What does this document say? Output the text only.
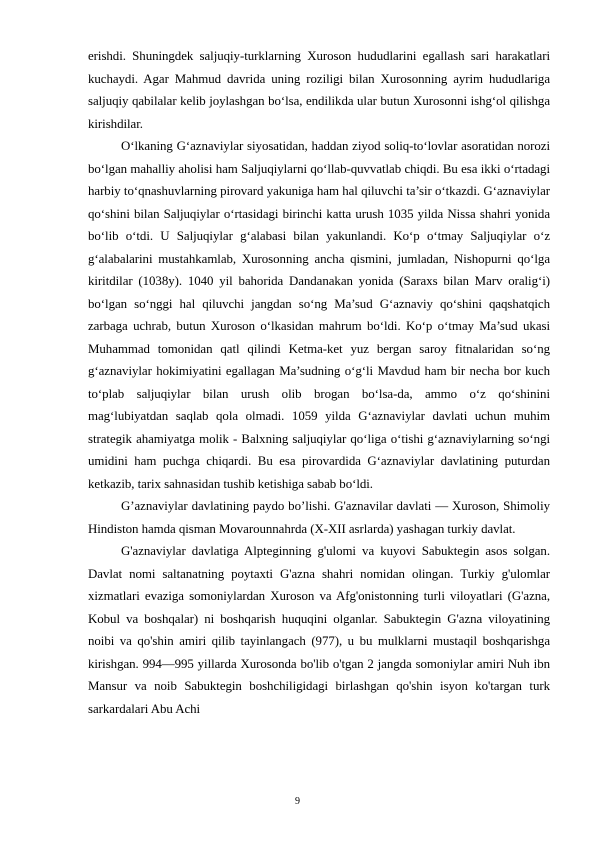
erishdi. Shuningdek saljuqiy-turklarning Xuroson hududlarini egallash sari harakatlari kuchaydi. Agar Mahmud davrida uning roziligi bilan Xurosonning ayrim hududlariga saljuqiy qabilalar kelib joylashgan bo‘lsa, endilikda ular butun Xurosonni ishg‘ol qilishga kirishdilar.

O‘lkaning G‘aznaviylar siyosatidan, haddan ziyod soliq-to‘lovlar asoratidan norozi bo‘lgan mahalliy aholisi ham Saljuqiylarni qo‘llab-quvvatlab chiqdi. Bu esa ikki o‘rtadagi harbiy to‘qnashuvlarning pirovard yakuniga ham hal qiluvchi ta’sir o‘tkazdi. G‘aznaviylar qo‘shini bilan Saljuqiylar o‘rtasidagi birinchi katta urush 1035 yilda Nissa shahri yonida bo‘lib o‘tdi. U Saljuqiylar g‘alabasi bilan yakunlandi. Ko‘p o‘tmay Saljuqiylar o‘z g‘alabalarini mustahkamlab, Xurosonning ancha qismini, jumladan, Nishopurni qo‘lga kiritdilar (1038y). 1040 yil bahorida Dandanakan yonida (Saraxs bilan Marv oralig‘i) bo‘lgan so‘nggi hal qiluvchi jangdan so‘ng Ma’sud G‘aznaviy qo‘shini qaqshatqich zarbaga uchrab, butun Xuroson o‘lkasidan mahrum bo‘ldi. Ko‘p o‘tmay Ma’sud ukasi Muhammad tomonidan qatl qilindi Ketma-ket yuz bergan saroy fitnalaridan so‘ng g‘aznaviylar hokimiyatini egallagan Ma’sudning o‘g‘li Mavdud ham bir necha bor kuch to‘plab saljuqiylar bilan urush olib brogan bo‘lsa-da, ammo o‘z qo‘shinini mag‘lubiyatdan saqlab qola olmadi. 1059 yilda G‘aznaviylar davlati uchun muhim strategik ahamiyatga molik - Balxning saljuqiylar qo‘liga o‘tishi g‘aznaviylarning so‘ngi umidini ham puchga chiqardi. Bu esa pirovardida G‘aznaviylar davlatining puturdan ketkazib, tarix sahnasidan tushib ketishiga sabab bo‘ldi.

G’aznaviylar davlatining paydo bo’lishi. G'aznavilar davlati — Xuroson, Shimoliy Hindiston hamda qisman Movarounnahrda (X-XII asrlarda) yashagan turkiy davlat.

G'aznaviylar davlatiga Alpteginning g'ulomi va kuyovi Sabuktegin asos solgan. Davlat nomi saltanatning poytaxti G'azna shahri nomidan olingan. Turkiy g'ulomlar xizmatlari evaziga somoniylardan Xuroson va Afg'onistonning turli viloyatlari (G'azna, Kobul va boshqalar) ni boshqarish huquqini olganlar. Sabuktegin G'azna viloyatining noibi va qo'shin amiri qilib tayinlangach (977), u bu mulklarni mustaqil boshqarishga kirishgan. 994—995 yillarda Xurosonda bo'lib o'tgan 2 jangda somoniylar amiri Nuh ibn Mansur va noib Sabuktegin boshchiligidagi birlashgan qo'shin isyon ko'targan turk sarkardalari Abu Achi

9
